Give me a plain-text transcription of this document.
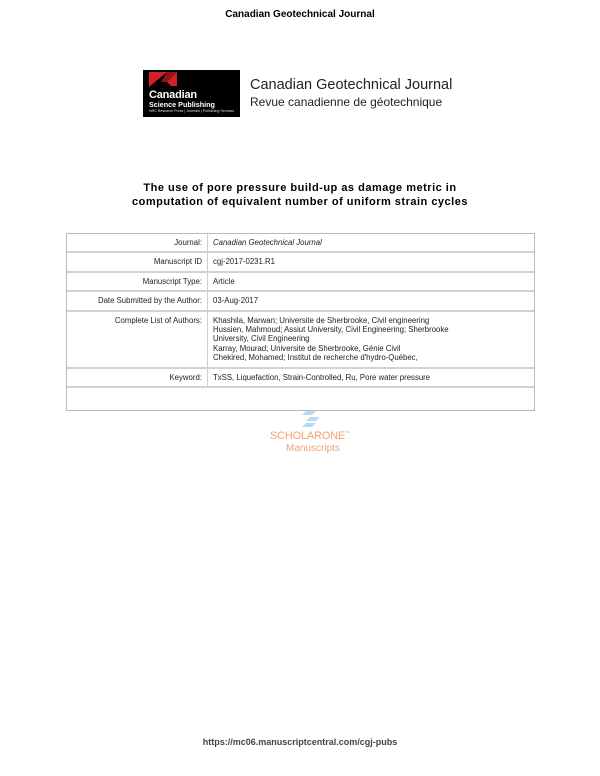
Canadian Geotechnical Journal
Canadian
Science Publishing
NRC Research Press | Journals | Publishing Services
Canadian Geotechnical Journal
Revue canadienne de géotechnique
The use of pore pressure build-up as damage metric in
computation of equivalent number of uniform strain cycles
Journal:	Canadian Geotechnical Journal
Manuscript ID	cgj-2017-0231.R1
Manuscript Type:	Article
Date Submitted by the Author:	03-Aug-2017
Complete List of Authors:	Khashila, Marwan; Universite de Sherbrooke, Civil engineering
Hussien, Mahmoud; Assiut University, Civil Engineering; Sherbrooke
University, Civil Engineering
Karray, Mourad; Universite de Sherbrooke, Génie Civil
Chekired, Mohamed; Institut de recherche d'hydro-Québec,

Keyword:	TxSS, Liquefaction, Strain-Controlled, Ru, Pore water pressure

SCHOLARONE™
Manuscripts
https://mc06.manuscriptcentral.com/cgj-pubs
